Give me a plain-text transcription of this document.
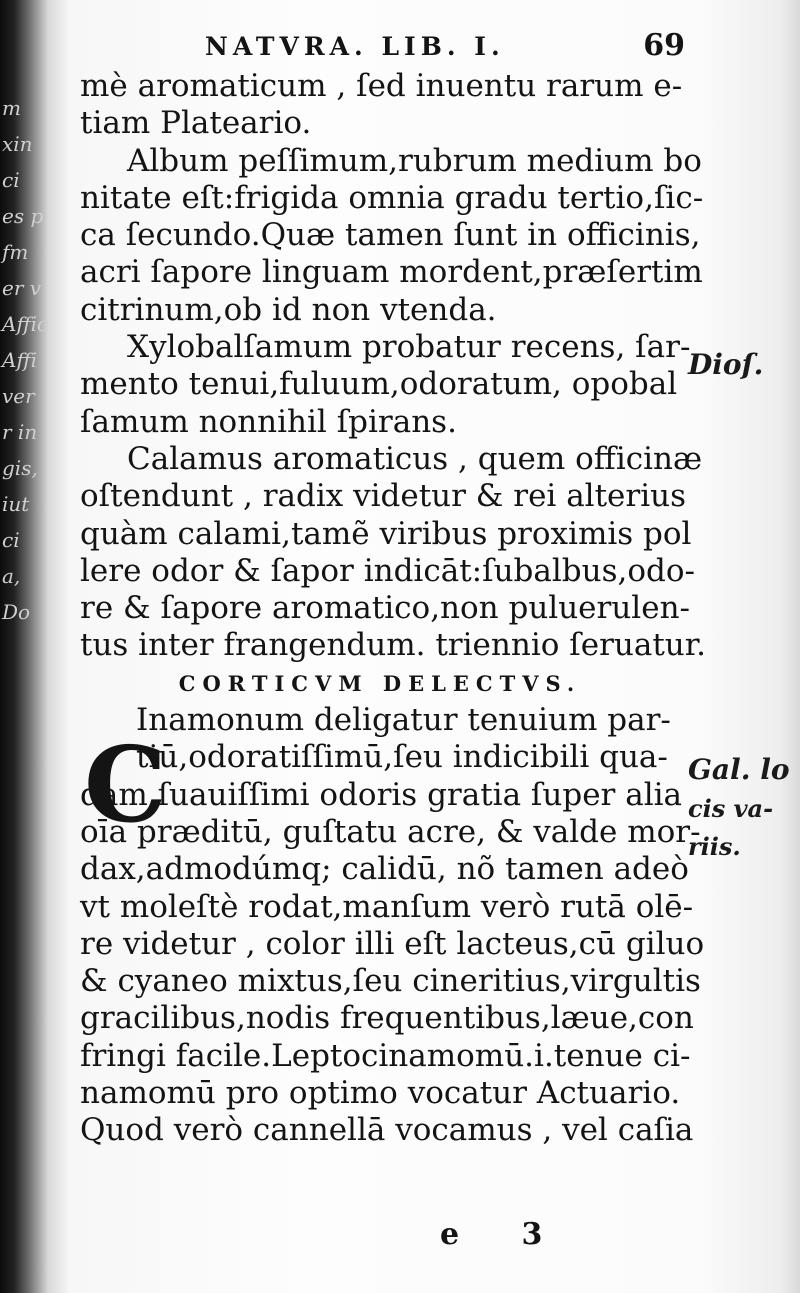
m
xin
ci
es p
fm
er v
Affic
Affi
ver
r in
gis,
iut
ci
a,
Do
NATVRA. LIB. I.	69
mè aromaticum , ſed inuentu rarum e-
tiam Plateario.
Album peſſimum,rubrum medium bo
nitate eſt:frigida omnia gradu tertio,ſic-
ca ſecundo.Quæ tamen ſunt in officinis,
acri ſapore linguam mordent,præſertim
citrinum,ob id non vtenda.
Xylobalſamum probatur recens, ſar-
mento tenui,fuluum,odoratum, opobal
ſamum nonnihil ſpirans.
Calamus aromaticus , quem officinæ
oſtendunt , radix videtur & rei alterius
quàm calami,tamẽ viribus proximis pol
lere odor & ſapor indicāt:ſubalbus,odo-
re & ſapore aromatico,non puluerulen-
tus inter frangendum. triennio ſeruatur.
CORTICVM DELECTVS.
Inamonum deligatur tenuium par-
tiū,odoratiſſimū,ſeu indicibili qua-
dam ſuauiſſimi odoris gratia ſuper alia
oīa præditū, guſtatu acre, & valde mor-
dax,admodúmq; calidū, nõ tamen adeò
vt moleſtè rodat,manſum verò rutā olē-
re videtur , color illi eſt lacteus,cū giluo
& cyaneo mixtus,ſeu cineritius,virgultis
gracilibus,nodis frequentibus,læue,con
fringi facile.Leptocinamomū.i.tenue ci-
namomū pro optimo vocatur Actuario.
Quod verò cannellā vocamus , vel caſia
C
Dioſ.
Gal. lo
cis va-
riis.
e 3
